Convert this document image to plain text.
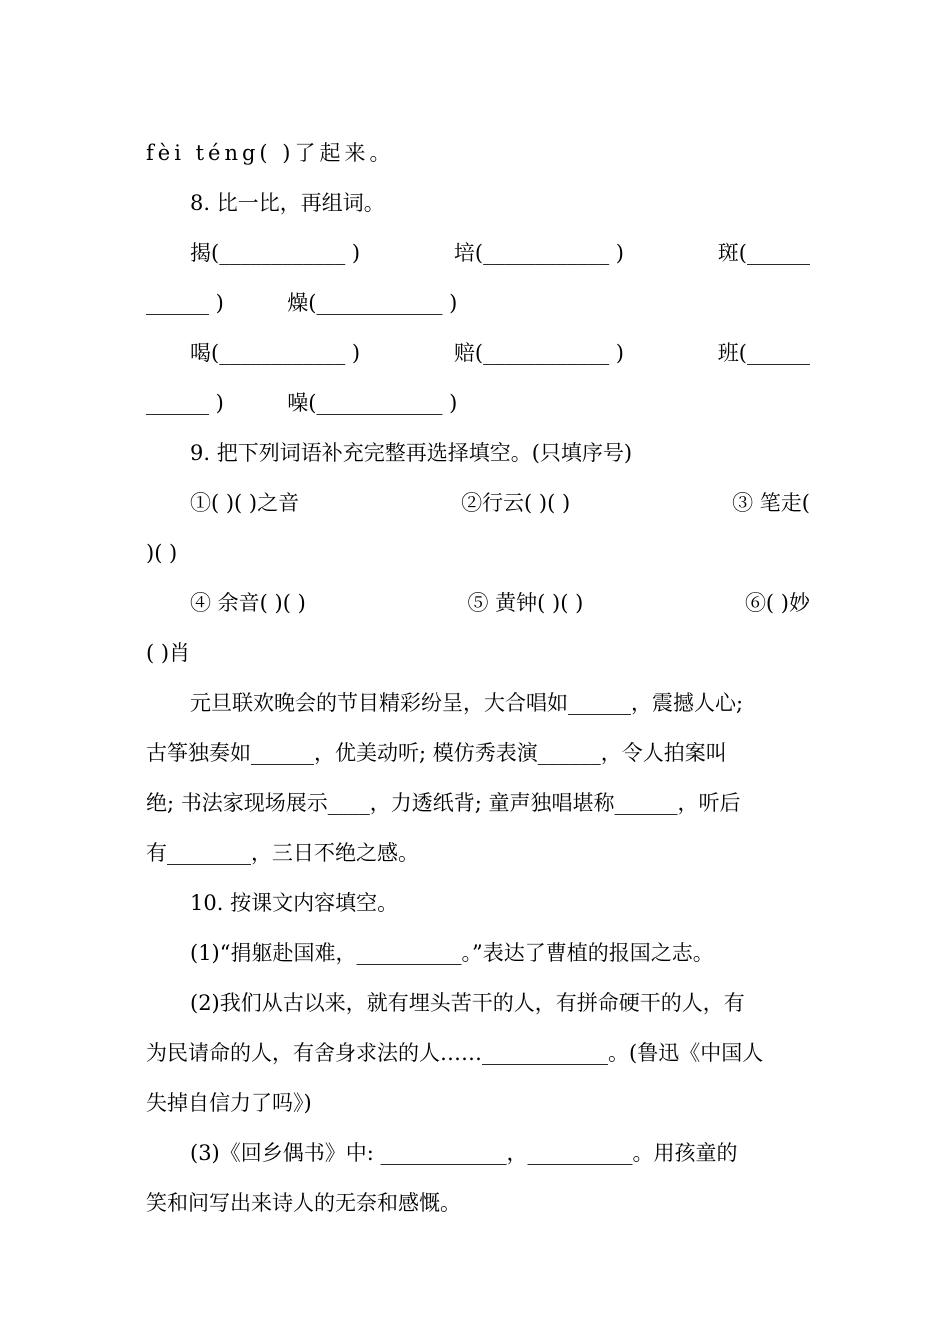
fèi téng( )了起来。
8. 比一比，再组词。
揭(____________ )	培(____________ )	斑(______
______ )	燥(____________ )
喝(____________ )	赔(____________ )	班(______
______ )	噪(____________ )
9. 把下列词语补充完整再选择填空。(只填序号)
①( )( )之音	②行云( )( )	③ 笔走(
)( )
④ 余音( )( )	⑤ 黄钟( )( )	⑥( )妙
( )肖
元旦联欢晚会的节目精彩纷呈，大合唱如______，震撼人心;
古筝独奏如______，优美动听; 模仿秀表演______，令人拍案叫
绝; 书法家现场展示____，力透纸背; 童声独唱堪称______，听后
有________，三日不绝之感。
10. 按课文内容填空。
(1)“捐躯赴国难，__________。”表达了曹植的报国之志。
(2)我们从古以来，就有埋头苦干的人，有拼命硬干的人，有
为民请命的人，有舍身求法的人……____________。(鲁迅《中国人
失掉自信力了吗》)
(3)《回乡偶书》中: ____________，__________。用孩童的
笑和问写出来诗人的无奈和感慨。
